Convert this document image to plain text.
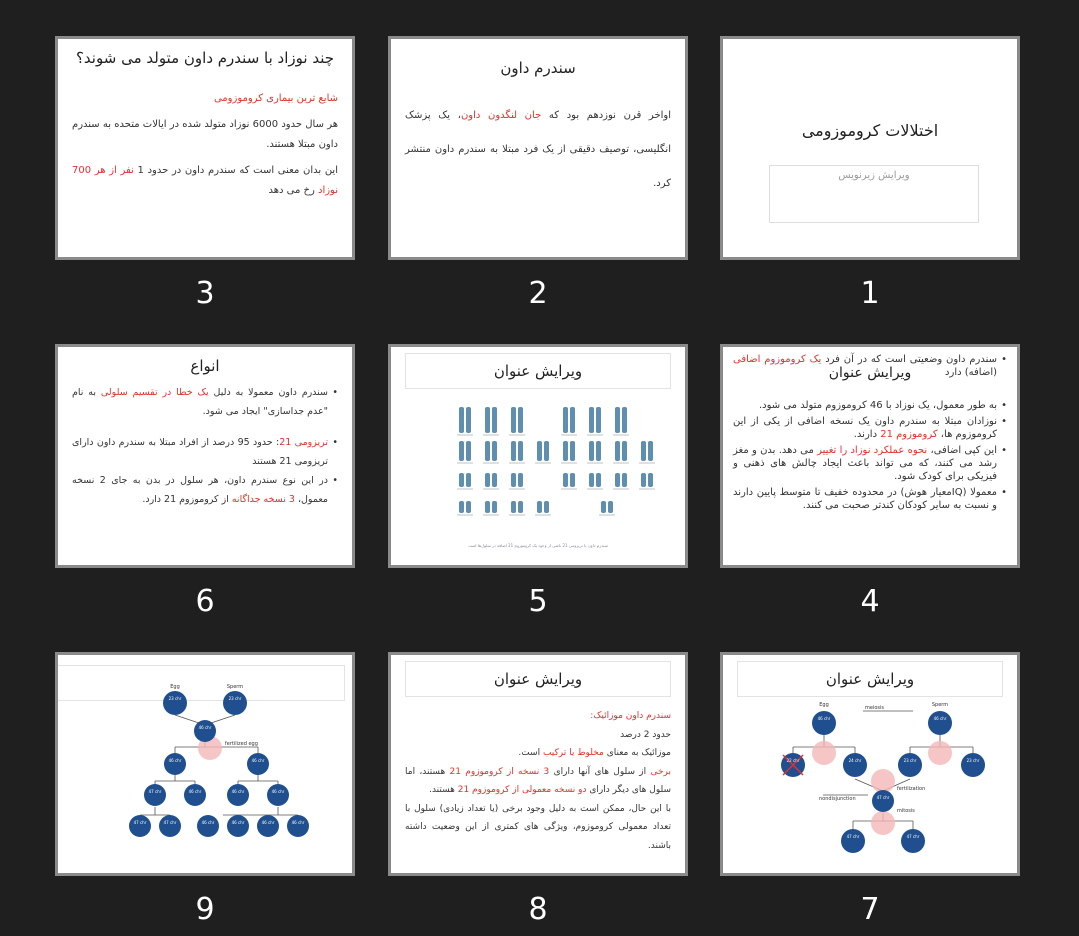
چند نوزاد با سندرم داون متولد می شوند؟
شایع ترین بیماری کروموزومی
هر سال حدود 6000 نوزاد متولد شده در ایالات متحده به سندرم داون مبتلا هستند.
این بدان معنی است که سندرم داون در حدود 1 نفر از هر 700 نوزاد رخ می دهد
3
سندرم داون
اواخر قرن نوزدهم بود که جان لنگدون داون، یک پزشک انگلیسی، توصیف دقیقی از یک فرد مبتلا به سندرم داون منتشر کرد.
2
اختلالات کروموزومی
ویرایش زیرنویس
1
انواع
• سندرم داون معمولا به دلیل یک خطا در تقسیم سلولی به نام "عدم جداسازی" ایجاد می شود.
• تریزومی 21: حدود 95 درصد از افراد مبتلا به سندرم داون دارای تریزومی 21 هستند
• در این نوع سندرم داون، هر سلول در بدن به جای 2 نسخه معمول، 3 نسخه جداگانه از کروموزوم 21 دارد.
6
ویرایش عنوان
سندرم داون یا تریزومی 21 ناشی از وجود یک کروموزوم 21 اضافه در سلول‌ها است
5
ویرایش عنوان
• سندرم داون وضعیتی است که در آن فرد یک کروموزوم اضافی (اضافه) دارد
• به طور معمول، یک نوزاد با 46 کروموزوم متولد می شود.
• نوزادان مبتلا به سندرم داون یک نسخه اضافی از یکی از این کروموزوم ها، کروموزوم 21 دارند.
• این کپی اضافی، نحوه عملکرد نوزاد را تغییر می دهد. بدن و مغز رشد می کنند، که می تواند باعث ایجاد چالش های ذهنی و فیزیکی برای کودک شود.
• معمولا (IQمعیار هوش) در محدوده خفیف تا متوسط پایین دارند و نسبت به سایر کودکان کندتر صحبت می کنند.
4
Egg	Sperm
fertilized egg
23 chr	23 chr
46 chr
46 chr	46 chr
47 chr	46 chr	46 chr	46 chr
47 chr	47 chr	46 chr	46 chr	46 chr	46 chr
9
ویرایش عنوان
سندرم داون موزائیک:
حدود 2 درصد
موزائیک به معنای مخلوط یا ترکیب است.
برخی از سلول های آنها دارای 3 نسخه از کروموزوم 21 هستند، اما سلول های دیگر دارای دو نسخه معمولی از کروموزوم 21 هستند.
با این حال، ممکن است به دلیل وجود برخی (یا تعداد زیادی) سلول با تعداد معمولی کروموزوم، ویژگی های کمتری از این وضعیت داشته باشند.
8
ویرایش عنوان
Egg	Sperm
meiosis
fertilization
mitosis
nondisjunction
46 chr	46 chr
22 chr	24 chr	23 chr	23 chr
47 chr
47 chr	47 chr
7
